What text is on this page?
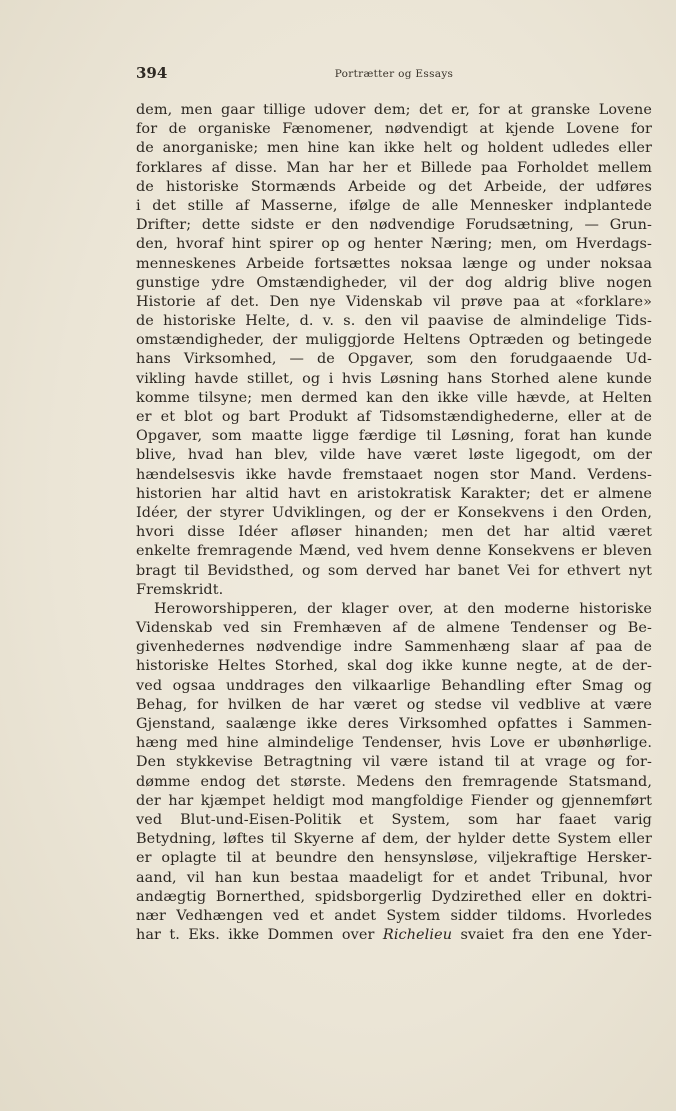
394	Portrætter og Essays
dem, men gaar tillige udover dem; det er, for at granske Lovene
for de organiske Fænomener, nødvendigt at kjende Lovene for
de anorganiske; men hine kan ikke helt og holdent udledes eller
forklares af disse. Man har her et Billede paa Forholdet mellem
de historiske Stormænds Arbeide og det Arbeide, der udføres
i det stille af Masserne, ifølge de alle Mennesker indplantede
Drifter; dette sidste er den nødvendige Forudsætning, — Grun-
den, hvoraf hint spirer op og henter Næring; men, om Hverdags-
menneskenes Arbeide fortsættes noksaa længe og under noksaa
gunstige ydre Omstændigheder, vil der dog aldrig blive nogen
Historie af det. Den nye Videnskab vil prøve paa at «forklare»
de historiske Helte, d. v. s. den vil paavise de almindelige Tids-
omstændigheder, der muliggjorde Heltens Optræden og betingede
hans Virksomhed, — de Opgaver, som den forudgaaende Ud-
vikling havde stillet, og i hvis Løsning hans Storhed alene kunde
komme tilsyne; men dermed kan den ikke ville hævde, at Helten
er et blot og bart Produkt af Tidsomstændighederne, eller at de
Opgaver, som maatte ligge færdige til Løsning, forat han kunde
blive, hvad han blev, vilde have været løste ligegodt, om der
hændelsesvis ikke havde fremstaaet nogen stor Mand. Verdens-
historien har altid havt en aristokratisk Karakter; det er almene
Idéer, der styrer Udviklingen, og der er Konsekvens i den Orden,
hvori disse Idéer afløser hinanden; men det har altid været
enkelte fremragende Mænd, ved hvem denne Konsekvens er bleven
bragt til Bevidsthed, og som derved har banet Vei for ethvert nyt
Fremskridt.
Heroworshipperen, der klager over, at den moderne historiske
Videnskab ved sin Fremhæven af de almene Tendenser og Be-
givenhedernes nødvendige indre Sammenhæng slaar af paa de
historiske Heltes Storhed, skal dog ikke kunne negte, at de der-
ved ogsaa unddrages den vilkaarlige Behandling efter Smag og
Behag, for hvilken de har været og stedse vil vedblive at være
Gjenstand, saalænge ikke deres Virksomhed opfattes i Sammen-
hæng med hine almindelige Tendenser, hvis Love er ubønhørlige.
Den stykkevise Betragtning vil være istand til at vrage og for-
dømme endog det største. Medens den fremragende Statsmand,
der har kjæmpet heldigt mod mangfoldige Fiender og gjennemført
ved Blut-und-Eisen-Politik et System, som har faaet varig
Betydning, løftes til Skyerne af dem, der hylder dette System eller
er oplagte til at beundre den hensynsløse, viljekraftige Hersker-
aand, vil han kun bestaa maadeligt for et andet Tribunal, hvor
andægtig Bornerthed, spidsborgerlig Dydzirethed eller en doktri-
nær Vedhængen ved et andet System sidder tildoms. Hvorledes
har t. Eks. ikke Dommen over Richelieu svaiet fra den ene Yder-
